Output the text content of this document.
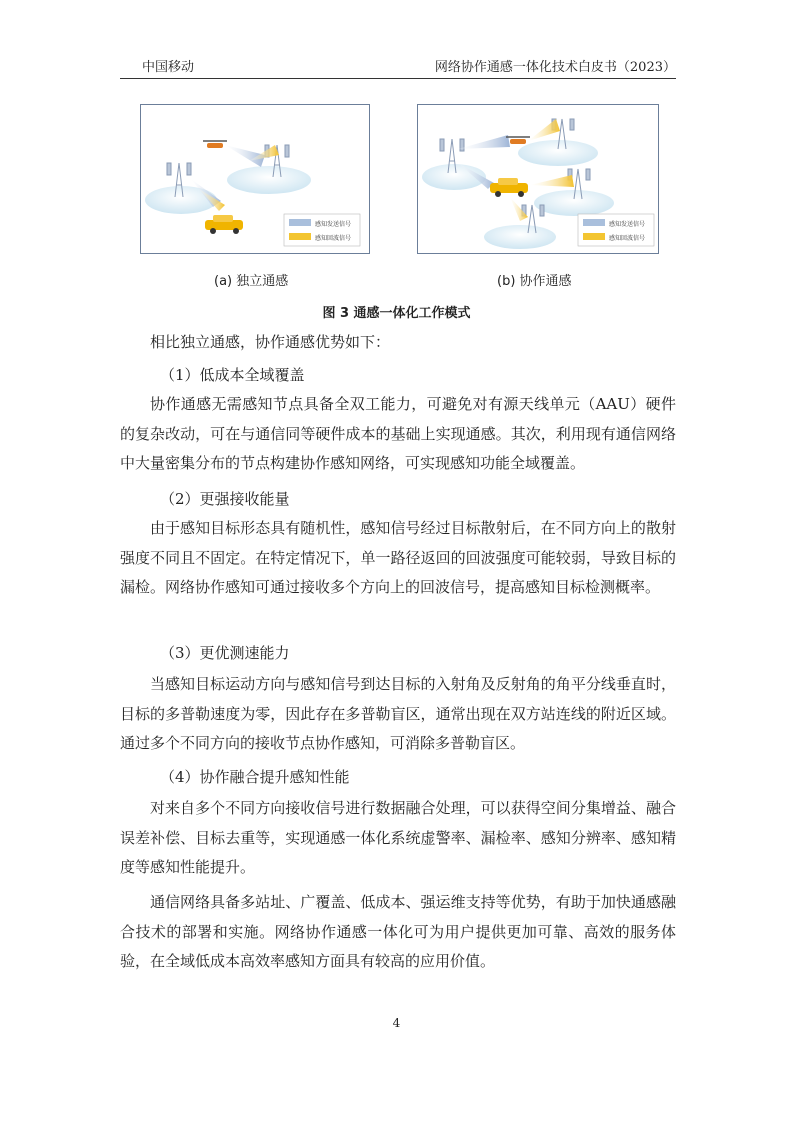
中国移动	网络协作通感一体化技术白皮书（2023）
感知发送信号
感知回波信号
感知发送信号
感知回波信号
(a) 独立通感	(b) 协作通感
图 3 通感一体化工作模式
相比独立通感，协作通感优势如下：
（1）低成本全域覆盖
协作通感无需感知节点具备全双工能力，可避免对有源天线单元（AAU）硬件的复杂改动，可在与通信同等硬件成本的基础上实现通感。其次，利用现有通信网络中大量密集分布的节点构建协作感知网络，可实现感知功能全域覆盖。
（2）更强接收能量
由于感知目标形态具有随机性，感知信号经过目标散射后，在不同方向上的散射强度不同且不固定。在特定情况下，单一路径返回的回波强度可能较弱，导致目标的漏检。网络协作感知可通过接收多个方向上的回波信号，提高感知目标检测概率。
（3）更优测速能力
当感知目标运动方向与感知信号到达目标的入射角及反射角的角平分线垂直时，目标的多普勒速度为零，因此存在多普勒盲区，通常出现在双方站连线的附近区域。通过多个不同方向的接收节点协作感知，可消除多普勒盲区。
（4）协作融合提升感知性能
对来自多个不同方向接收信号进行数据融合处理，可以获得空间分集增益、融合误差补偿、目标去重等，实现通感一体化系统虚警率、漏检率、感知分辨率、感知精度等感知性能提升。
通信网络具备多站址、广覆盖、低成本、强运维支持等优势，有助于加快通感融合技术的部署和实施。网络协作通感一体化可为用户提供更加可靠、高效的服务体验，在全域低成本高效率感知方面具有较高的应用价值。
4
